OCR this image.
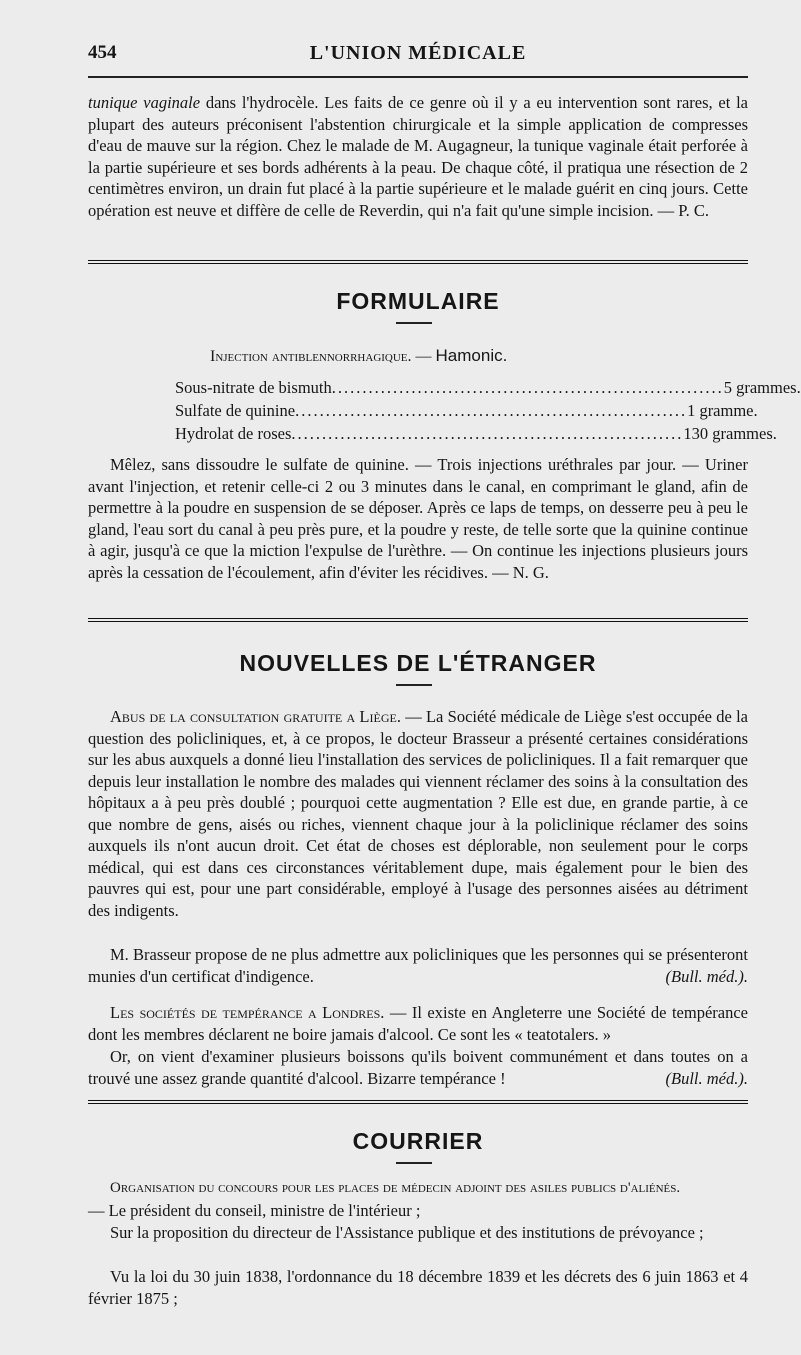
454	L'UNION MÉDICALE
tunique vaginale dans l'hydrocèle. Les faits de ce genre où il y a eu intervention sont rares, et la plupart des auteurs préconisent l'abstention chirurgicale et la simple application de compresses d'eau de mauve sur la région. Chez le malade de M. Augagneur, la tunique vaginale était perforée à la partie supérieure et ses bords adhérents à la peau. De chaque côté, il pratiqua une résection de 2 centimètres environ, un drain fut placé à la partie supérieure et le malade guérit en cinq jours. Cette opération est neuve et diffère de celle de Reverdin, qui n'a fait qu'une simple incision. — P. C.
FORMULAIRE
Injection antiblennorrhagique. — Hamonic.
Sous-nitrate de bismuth ................................................................ 5 grammes.
Sulfate de quinine ................................................................ 1 gramme.
Hydrolat de roses ................................................................ 130 grammes.
Mêlez, sans dissoudre le sulfate de quinine. — Trois injections uréthrales par jour. — Uriner avant l'injection, et retenir celle-ci 2 ou 3 minutes dans le canal, en comprimant le gland, afin de permettre à la poudre en suspension de se déposer. Après ce laps de temps, on desserre peu à peu le gland, l'eau sort du canal à peu près pure, et la poudre y reste, de telle sorte que la quinine continue à agir, jusqu'à ce que la miction l'expulse de l'urèthre. — On continue les injections plusieurs jours après la cessation de l'écoulement, afin d'éviter les récidives. — N. G.
NOUVELLES DE L'ÉTRANGER
Abus de la consultation gratuite a Liège. — La Société médicale de Liège s'est occupée de la question des policliniques, et, à ce propos, le docteur Brasseur a présenté certaines considérations sur les abus auxquels a donné lieu l'installation des services de policliniques. Il a fait remarquer que depuis leur installation le nombre des malades qui viennent réclamer des soins à la consultation des hôpitaux a à peu près doublé ; pourquoi cette augmentation ? Elle est due, en grande partie, à ce que nombre de gens, aisés ou riches, viennent chaque jour à la policlinique réclamer des soins auxquels ils n'ont aucun droit. Cet état de choses est déplorable, non seulement pour le corps médical, qui est dans ces circonstances véritablement dupe, mais également pour le bien des pauvres qui est, pour une part considérable, employé à l'usage des personnes aisées au détriment des indigents.
M. Brasseur propose de ne plus admettre aux policliniques que les personnes qui se présenteront munies d'un certificat d'indigence.	(Bull. méd.).
Les sociétés de tempérance a Londres. — Il existe en Angleterre une Société de tempérance dont les membres déclarent ne boire jamais d'alcool. Ce sont les « teatotalers. »
Or, on vient d'examiner plusieurs boissons qu'ils boivent communément et dans toutes on a trouvé une assez grande quantité d'alcool. Bizarre tempérance !	(Bull. méd.).
COURRIER
Organisation du concours pour les places de médecin adjoint des asiles publics d'aliénés.
— Le président du conseil, ministre de l'intérieur ;
Sur la proposition du directeur de l'Assistance publique et des institutions de prévoyance ;
Vu la loi du 30 juin 1838, l'ordonnance du 18 décembre 1839 et les décrets des 6 juin 1863 et 4 février 1875 ;
